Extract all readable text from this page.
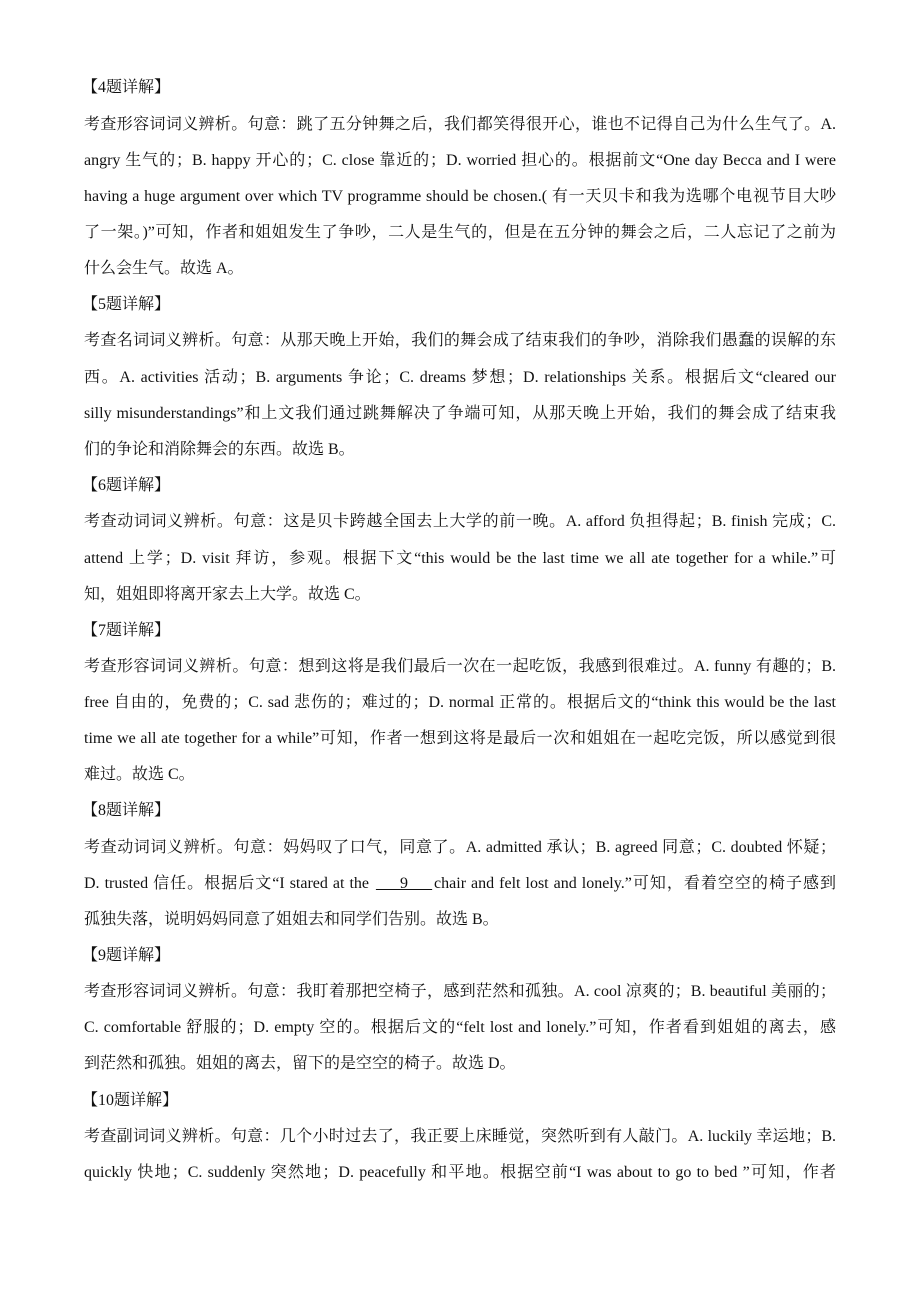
【4题详解】
考查形容词词义辨析。句意：跳了五分钟舞之后，我们都笑得很开心，谁也不记得自己为什么生气了。A.
angry 生气的；B. happy 开心的；C. close 靠近的；D. worried 担心的。根据前文“One day Becca and I were
having a huge argument over which TV programme should be chosen.( 有一天贝卡和我为选哪个电视节目大吵
了一架。)”可知，作者和姐姐发生了争吵，二人是生气的，但是在五分钟的舞会之后，二人忘记了之前为
什么会生气。故选 A。
【5题详解】
考查名词词义辨析。句意：从那天晚上开始，我们的舞会成了结束我们的争吵，消除我们愚蠢的误解的东
西。A. activities 活动；B. arguments 争论；C. dreams 梦想；D. relationships 关系。根据后文“cleared our
silly misunderstandings”和上文我们通过跳舞解决了争端可知，从那天晚上开始，我们的舞会成了结束我
们的争论和消除舞会的东西。故选 B。
【6题详解】
考查动词词义辨析。句意：这是贝卡跨越全国去上大学的前一晚。A. afford 负担得起；B. finish 完成；C.
attend 上学；D. visit 拜访，参观。根据下文“this would be the last time we all ate together for a while.”可
知，姐姐即将离开家去上大学。故选 C。
【7题详解】
考查形容词词义辨析。句意：想到这将是我们最后一次在一起吃饭，我感到很难过。A. funny 有趣的；B.
free 自由的，免费的；C. sad 悲伤的；难过的；D. normal 正常的。根据后文的“think this would be the last
time we all ate together for a while”可知，作者一想到这将是最后一次和姐姐在一起吃完饭，所以感觉到很
难过。故选 C。
【8题详解】
考查动词词义辨析。句意：妈妈叹了口气，同意了。A. admitted 承认；B. agreed 同意；C. doubted 怀疑；
D. trusted 信任。根据后文“I stared at the ___9___ chair and felt lost and lonely.”可知，看着空空的椅子感到
孤独失落，说明妈妈同意了姐姐去和同学们告别。故选 B。
【9题详解】
考查形容词词义辨析。句意：我盯着那把空椅子，感到茫然和孤独。A. cool 凉爽的；B. beautiful 美丽的；
C. comfortable 舒服的；D. empty 空的。根据后文的“felt lost and lonely.”可知，作者看到姐姐的离去，感
到茫然和孤独。姐姐的离去，留下的是空空的椅子。故选 D。
【10题详解】
考查副词词义辨析。句意：几个小时过去了，我正要上床睡觉，突然听到有人敲门。A. luckily 幸运地；B.
quickly 快地；C. suddenly 突然地；D. peacefully 和平地。根据空前“I was about to go to bed ”可知，作者
